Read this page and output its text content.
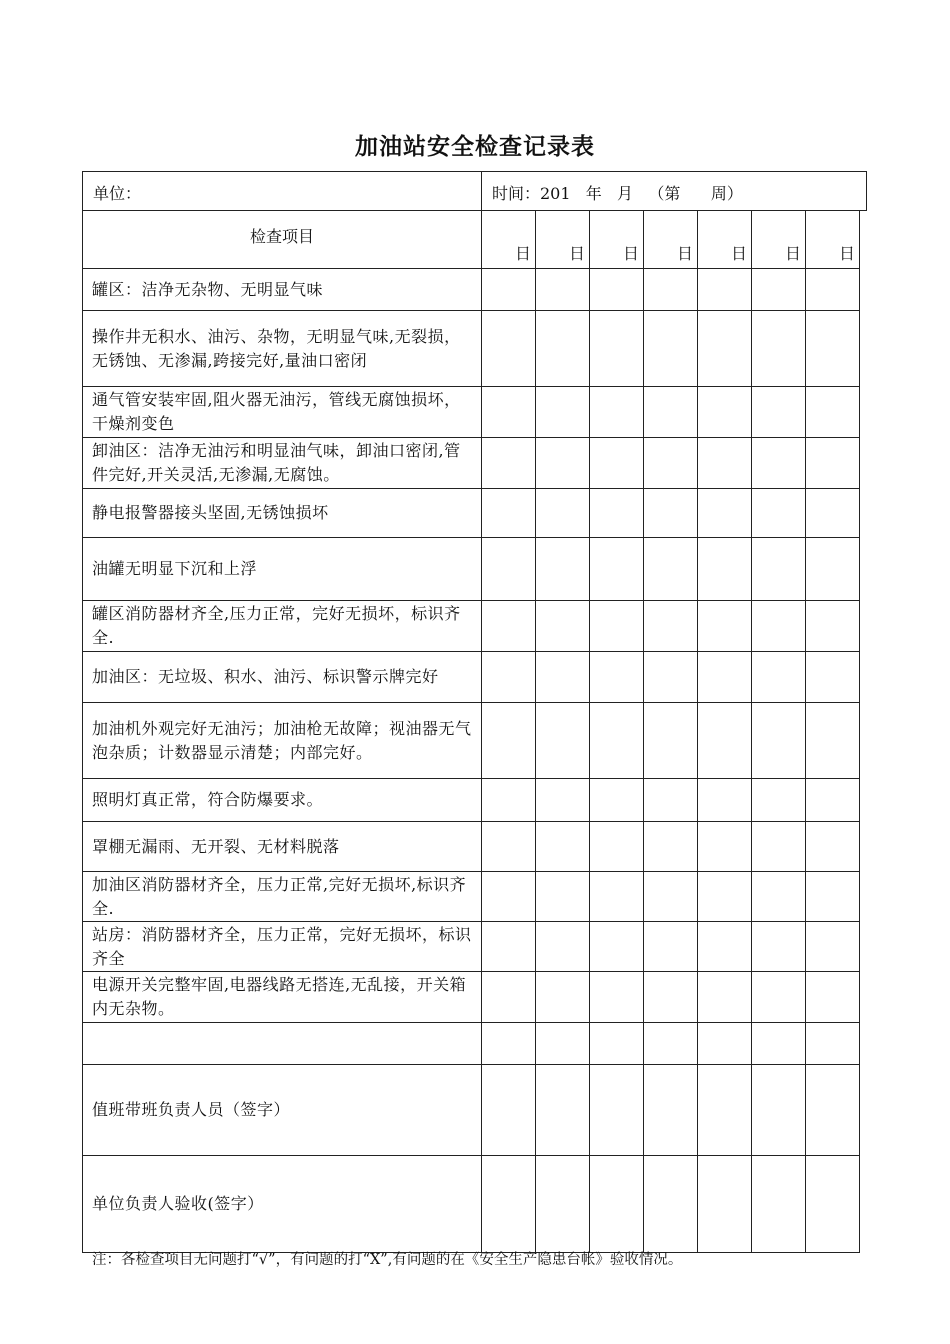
加油站安全检查记录表
单位：	时间：201   年   月   （第      周）
检查项目	日	日	日	日	日	日	日
罐区：洁净无杂物、无明显气味							
操作井无积水、油污、杂物，无明显气味,无裂损，无锈蚀、无渗漏,跨接完好,量油口密闭							
通气管安装牢固,阻火器无油污，管线无腐蚀损坏，干燥剂变色							
卸油区：洁净无油污和明显油气味，卸油口密闭,管件完好,开关灵活,无渗漏,无腐蚀。							
静电报警器接头坚固,无锈蚀损坏							
油罐无明显下沉和上浮							
罐区消防器材齐全,压力正常，完好无损坏，标识齐全.							
加油区：无垃圾、积水、油污、标识警示牌完好							
加油机外观完好无油污；加油枪无故障；视油器无气泡杂质；计数器显示清楚；内部完好。							
照明灯真正常，符合防爆要求。							
罩棚无漏雨、无开裂、无材料脱落							
加油区消防器材齐全，压力正常,完好无损坏,标识齐全.							
站房：消防器材齐全，压力正常，完好无损坏，标识齐全							
电源开关完整牢固,电器线路无搭连,无乱接，开关箱内无杂物。							

值班带班负责人员（签字）							
单位负责人验收(签字）							
注：各检查项目无问题打“√”，有问题的打“X”,有问题的在《安全生产隐患台帐》验收情况。
